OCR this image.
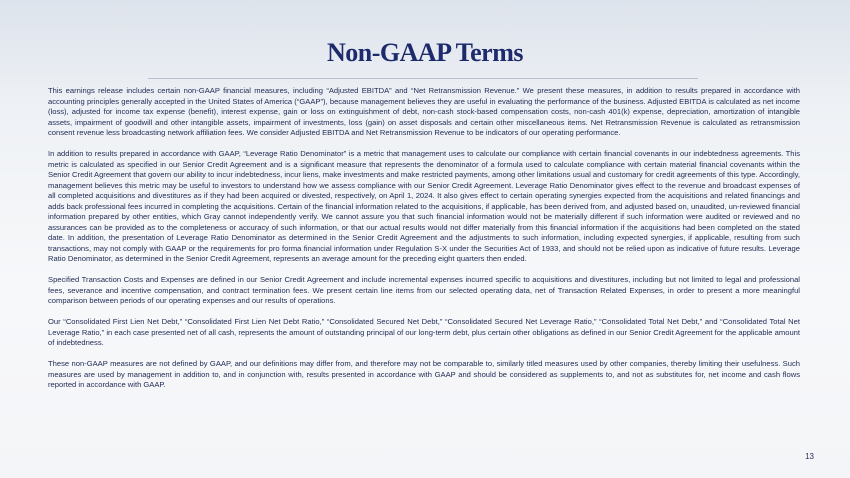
Non-GAAP Terms

This earnings release includes certain non-GAAP financial measures, including “Adjusted EBITDA” and “Net Retransmission Revenue.” We present these measures, in addition to results prepared in accordance with accounting principles generally accepted in the United States of America (“GAAP”), because management believes they are useful in evaluating the performance of the business. Adjusted EBITDA is calculated as net income (loss), adjusted for income tax expense (benefit), interest expense, gain or loss on extinguishment of debt, non-cash stock-based compensation costs, non-cash 401(k) expense, depreciation, amortization of intangible assets, impairment of goodwill and other intangible assets, impairment of investments, loss (gain) on asset disposals and certain other miscellaneous items. Net Retransmission Revenue is calculated as retransmission consent revenue less broadcasting network affiliation fees. We consider Adjusted EBITDA and Net Retransmission Revenue to be indicators of our operating performance.

In addition to results prepared in accordance with GAAP, “Leverage Ratio Denominator” is a metric that management uses to calculate our compliance with certain financial covenants in our indebtedness agreements. This metric is calculated as specified in our Senior Credit Agreement and is a significant measure that represents the denominator of a formula used to calculate compliance with certain material financial covenants within the Senior Credit Agreement that govern our ability to incur indebtedness, incur liens, make investments and make restricted payments, among other limitations usual and customary for credit agreements of this type. Accordingly, management believes this metric may be useful to investors to understand how we assess compliance with our Senior Credit Agreement. Leverage Ratio Denominator gives effect to the revenue and broadcast expenses of all completed acquisitions and divestitures as if they had been acquired or divested, respectively, on April 1, 2024. It also gives effect to certain operating synergies expected from the acquisitions and related financings and adds back professional fees incurred in completing the acquisitions. Certain of the financial information related to the acquisitions, if applicable, has been derived from, and adjusted based on, unaudited, un-reviewed financial information prepared by other entities, which Gray cannot independently verify. We cannot assure you that such financial information would not be materially different if such information were audited or reviewed and no assurances can be provided as to the completeness or accuracy of such information, or that our actual results would not differ materially from this financial information if the acquisitions had been completed on the stated date. In addition, the presentation of Leverage Ratio Denominator as determined in the Senior Credit Agreement and the adjustments to such information, including expected synergies, if applicable, resulting from such transactions, may not comply with GAAP or the requirements for pro forma financial information under Regulation S-X under the Securities Act of 1933, and should not be relied upon as indicative of future results. Leverage Ratio Denominator, as determined in the Senior Credit Agreement, represents an average amount for the preceding eight quarters then ended.

Specified Transaction Costs and Expenses are defined in our Senior Credit Agreement and include incremental expenses incurred specific to acquisitions and divestitures, including but not limited to legal and professional fees, severance and incentive compensation, and contract termination fees. We present certain line items from our selected operating data, net of Transaction Related Expenses, in order to present a more meaningful comparison between periods of our operating expenses and our results of operations.

Our “Consolidated First Lien Net Debt,” “Consolidated First Lien Net Debt Ratio,” “Consolidated Secured Net Debt,” “Consolidated Secured Net Leverage Ratio,” “Consolidated Total Net Debt,” and “Consolidated Total Net Leverage Ratio,” in each case presented net of all cash, represents the amount of outstanding principal of our long-term debt, plus certain other obligations as defined in our Senior Credit Agreement for the applicable amount of indebtedness.

These non-GAAP measures are not defined by GAAP, and our definitions may differ from, and therefore may not be comparable to, similarly titled measures used by other companies, thereby limiting their usefulness. Such measures are used by management in addition to, and in conjunction with, results presented in accordance with GAAP and should be considered as supplements to, and not as substitutes for, net income and cash flows reported in accordance with GAAP.

13
